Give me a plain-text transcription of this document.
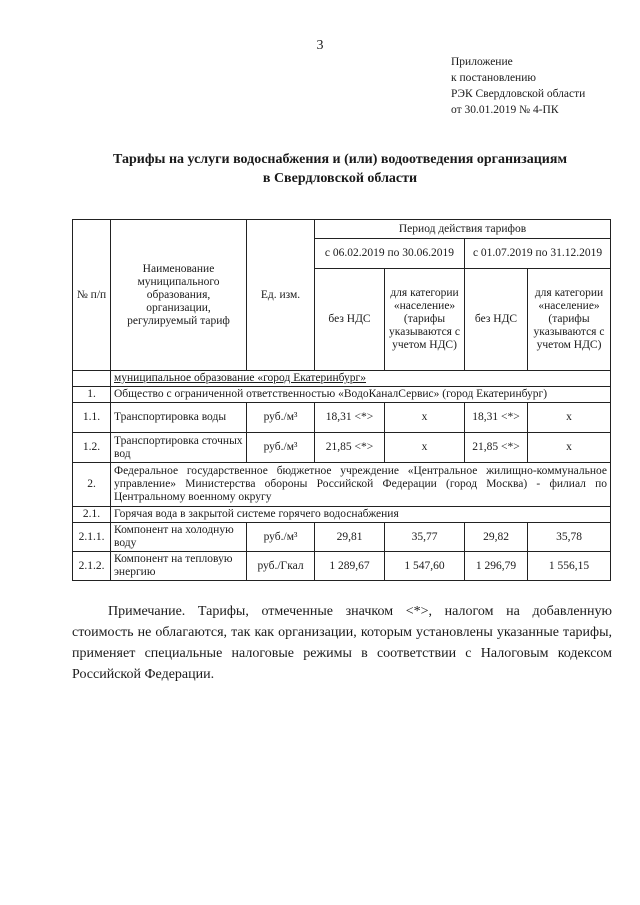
3
Приложение
к постановлению
РЭК Свердловской области
от 30.01.2019 № 4-ПК
Тарифы на услуги водоснабжения и (или) водоотведения организациям
в Свердловской области
№ п/п	Наименование муниципального образования, организации, регулируемый тариф	Ед. изм.	Период действия тарифов			
			с 06.02.2019 по 30.06.2019		с 01.07.2019 по 31.12.2019	
			без НДС	для категории «население» (тарифы указываются с учетом НДС)	без НДС	для категории «население» (тарифы указываются с учетом НДС)
	муниципальное образование «город Екатеринбург»					
1.	Общество с ограниченной ответственностью «ВодоКаналСервис» (город Екатеринбург)					
1.1.	Транспортировка воды	руб./м³	18,31 <*>	х	18,31 <*>	х
1.2.	Транспортировка сточных вод	руб./м³	21,85 <*>	х	21,85 <*>	х
2.	Федеральное государственное бюджетное учреждение «Центральное жилищно-коммунальное управление» Министерства обороны Российской Федерации (город Москва) - филиал по Центральному военному округу					
2.1.	Горячая вода в закрытой системе горячего водоснабжения					
2.1.1.	Компонент на холодную воду	руб./м³	29,81	35,77	29,82	35,78
2.1.2.	Компонент на тепловую энергию	руб./Гкал	1 289,67	1 547,60	1 296,79	1 556,15
Примечание. Тарифы, отмеченные значком <*>, налогом на добавленную стоимость не облагаются, так как организации, которым установлены указанные тарифы, применяет специальные налоговые режимы в соответствии с Налоговым кодексом Российской Федерации.
